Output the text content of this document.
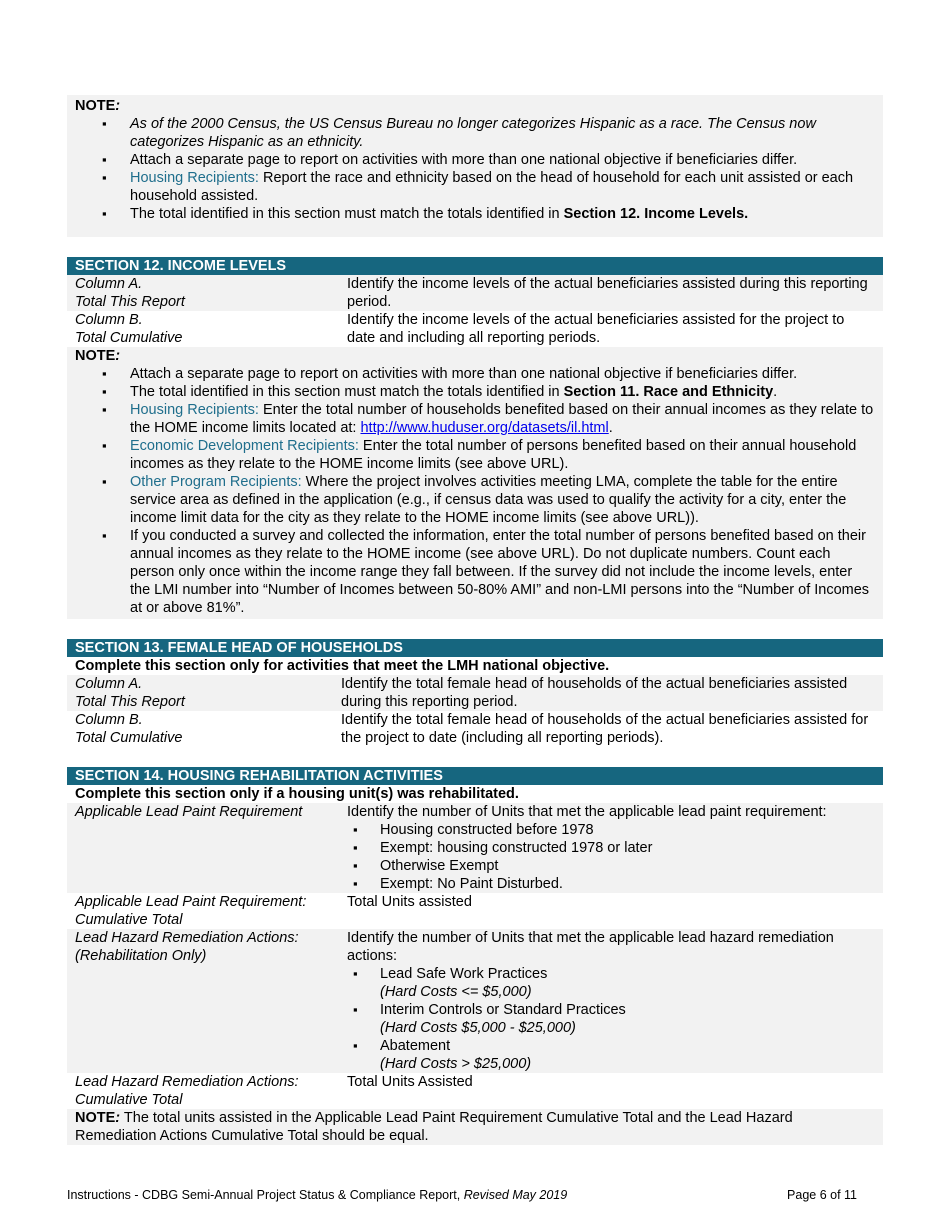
NOTE:
▪ As of the 2000 Census, the US Census Bureau no longer categorizes Hispanic as a race. The Census now categorizes Hispanic as an ethnicity.
▪ Attach a separate page to report on activities with more than one national objective if beneficiaries differ.
▪ Housing Recipients: Report the race and ethnicity based on the head of household for each unit assisted or each household assisted.
▪ The total identified in this section must match the totals identified in Section 12. Income Levels.
SECTION 12. INCOME LEVELS
Column A.
Total This Report
Identify the income levels of the actual beneficiaries assisted during this reporting period.
Column B.
Total Cumulative
Identify the income levels of the actual beneficiaries assisted for the project to date and including all reporting periods.
NOTE:
▪ Attach a separate page to report on activities with more than one national objective if beneficiaries differ.
▪ The total identified in this section must match the totals identified in Section 11. Race and Ethnicity.
▪ Housing Recipients: Enter the total number of households benefited based on their annual incomes as they relate to the HOME income limits located at: http://www.huduser.org/datasets/il.html.
▪ Economic Development Recipients: Enter the total number of persons benefited based on their annual household incomes as they relate to the HOME income limits (see above URL).
▪ Other Program Recipients: Where the project involves activities meeting LMA, complete the table for the entire service area as defined in the application (e.g., if census data was used to qualify the activity for a city, enter the income limit data for the city as they relate to the HOME income limits (see above URL)).
▪ If you conducted a survey and collected the information, enter the total number of persons benefited based on their annual incomes as they relate to the HOME income (see above URL). Do not duplicate numbers. Count each person only once within the income range they fall between. If the survey did not include the income levels, enter the LMI number into “Number of Incomes between 50-80% AMI” and non-LMI persons into the “Number of Incomes at or above 81%”.
SECTION 13. FEMALE HEAD OF HOUSEHOLDS
Complete this section only for activities that meet the LMH national objective.
Column A.
Total This Report
Identify the total female head of households of the actual beneficiaries assisted during this reporting period.
Column B.
Total Cumulative
Identify the total female head of households of the actual beneficiaries assisted for the project to date (including all reporting periods).
SECTION 14. HOUSING REHABILITATION ACTIVITIES
Complete this section only if a housing unit(s) was rehabilitated.
Applicable Lead Paint Requirement	Identify the number of Units that met the applicable lead paint requirement:
▪ Housing constructed before 1978
▪ Exempt: housing constructed 1978 or later
▪ Otherwise Exempt
▪ Exempt: No Paint Disturbed.
Applicable Lead Paint Requirement:
Cumulative Total
Total Units assisted
Lead Hazard Remediation Actions:
(Rehabilitation Only)
Identify the number of Units that met the applicable lead hazard remediation actions:
▪ Lead Safe Work Practices
(Hard Costs <= $5,000)
▪ Interim Controls or Standard Practices
(Hard Costs $5,000 - $25,000)
▪ Abatement
(Hard Costs > $25,000)
Lead Hazard Remediation Actions:
Cumulative Total
Total Units Assisted
NOTE: The total units assisted in the Applicable Lead Paint Requirement Cumulative Total and the Lead Hazard Remediation Actions Cumulative Total should be equal.
Instructions - CDBG Semi-Annual Project Status & Compliance Report, Revised May 2019	Page 6 of 11
